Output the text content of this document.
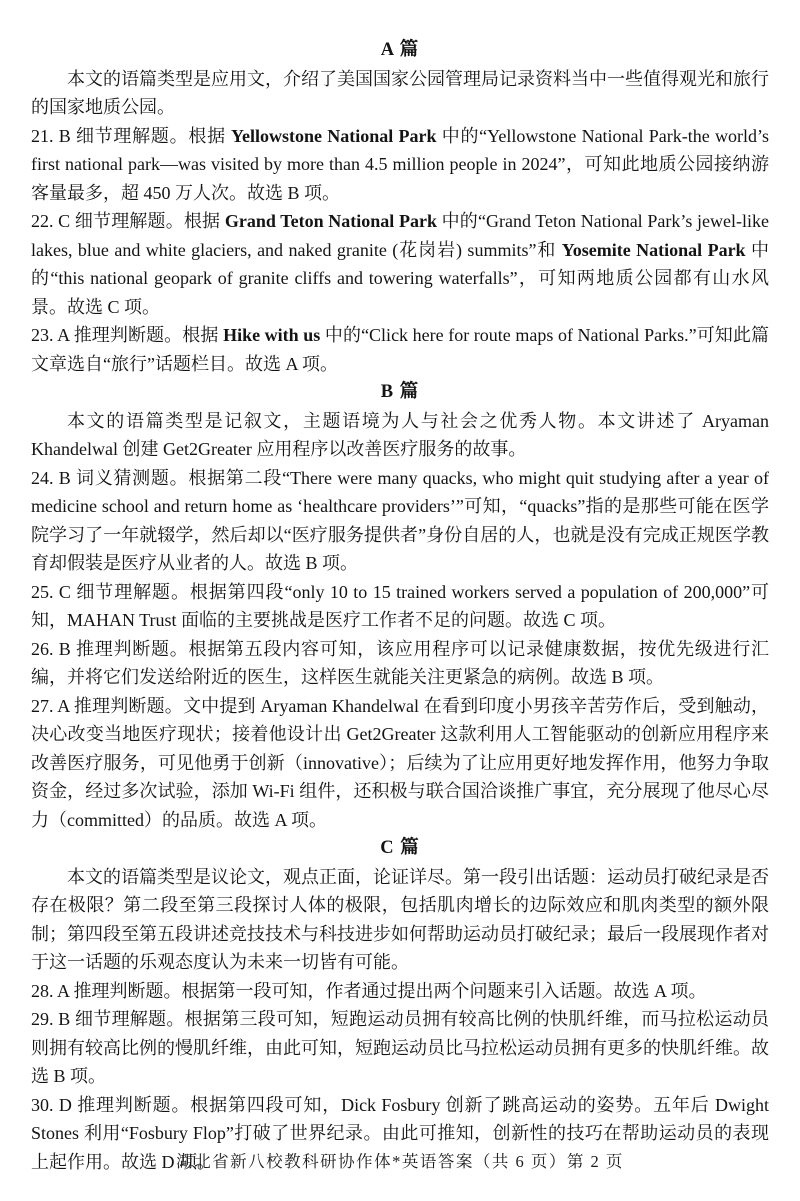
A 篇

本文的语篇类型是应用文，介绍了美国国家公园管理局记录资料当中一些值得观光和旅行的国家地质公园。

21. B 细节理解题。根据 Yellowstone National Park 中的“Yellowstone National Park-the world’s first national park—was visited by more than 4.5 million people in 2024”，可知此地质公园接纳游客量最多，超 450 万人次。故选 B 项。

22. C 细节理解题。根据 Grand Teton National Park 中的“Grand Teton National Park’s jewel-like lakes, blue and white glaciers, and naked granite (花岗岩) summits”和 Yosemite National Park 中的“this national geopark of granite cliffs and towering waterfalls”，可知两地质公园都有山水风景。故选 C 项。

23. A 推理判断题。根据 Hike with us 中的“Click here for route maps of National Parks.”可知此篇文章选自“旅行”话题栏目。故选 A 项。

B 篇

本文的语篇类型是记叙文，主题语境为人与社会之优秀人物。本文讲述了 Aryaman Khandelwal 创建 Get2Greater 应用程序以改善医疗服务的故事。

24. B 词义猜测题。根据第二段“There were many quacks, who might quit studying after a year of medicine school and return home as ‘healthcare providers’”可知，“quacks”指的是那些可能在医学院学习了一年就辍学，然后却以“医疗服务提供者”身份自居的人，也就是没有完成正规医学教育却假装是医疗从业者的人。故选 B 项。

25. C 细节理解题。根据第四段“only 10 to 15 trained workers served a population of 200,000”可知，MAHAN Trust 面临的主要挑战是医疗工作者不足的问题。故选 C 项。

26. B 推理判断题。根据第五段内容可知，该应用程序可以记录健康数据，按优先级进行汇编，并将它们发送给附近的医生，这样医生就能关注更紧急的病例。故选 B 项。

27. A 推理判断题。文中提到 Aryaman Khandelwal 在看到印度小男孩辛苦劳作后，受到触动，决心改变当地医疗现状；接着他设计出 Get2Greater 这款利用人工智能驱动的创新应用程序来改善医疗服务，可见他勇于创新（innovative）；后续为了让应用更好地发挥作用，他努力争取资金，经过多次试验，添加 Wi-Fi 组件，还积极与联合国洽谈推广事宜，充分展现了他尽心尽力（committed）的品质。故选 A 项。

C 篇

本文的语篇类型是议论文，观点正面，论证详尽。第一段引出话题：运动员打破纪录是否存在极限？第二段至第三段探讨人体的极限，包括肌肉增长的边际效应和肌肉类型的额外限制；第四段至第五段讲述竞技技术与科技进步如何帮助运动员打破纪录；最后一段展现作者对于这一话题的乐观态度认为未来一切皆有可能。

28. A 推理判断题。根据第一段可知，作者通过提出两个问题来引入话题。故选 A 项。

29. B 细节理解题。根据第三段可知，短跑运动员拥有较高比例的快肌纤维，而马拉松运动员则拥有较高比例的慢肌纤维，由此可知，短跑运动员比马拉松运动员拥有更多的快肌纤维。故选 B 项。

30. D 推理判断题。根据第四段可知，Dick Fosbury 创新了跳高运动的姿势。五年后 Dwight Stones 利用“Fosbury Flop”打破了世界纪录。由此可推知，创新性的技巧在帮助运动员的表现上起作用。故选 D 项。

湖北省新八校教科研协作体*英语答案（共 6 页）第 2 页
